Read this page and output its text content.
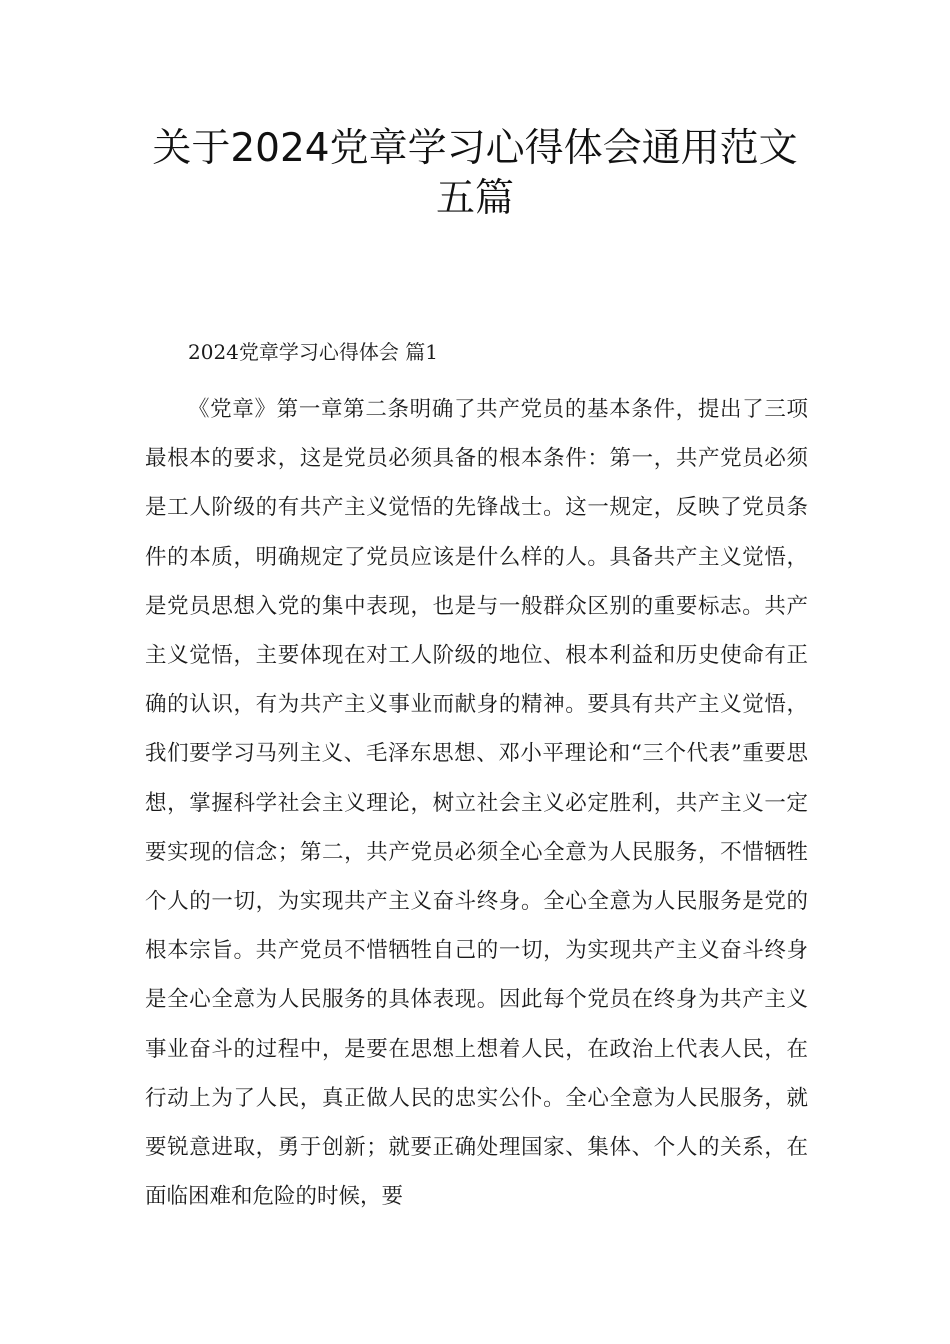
关于2024党章学习心得体会通用范文
五篇

2024党章学习心得体会 篇1

《党章》第一章第二条明确了共产党员的基本条件，提出了三项最根本的要求，这是党员必须具备的根本条件：第一，共产党员必须是工人阶级的有共产主义觉悟的先锋战士。这一规定，反映了党员条件的本质，明确规定了党员应该是什么样的人。具备共产主义觉悟，是党员思想入党的集中表现，也是与一般群众区别的重要标志。共产主义觉悟，主要体现在对工人阶级的地位、根本利益和历史使命有正确的认识，有为共产主义事业而献身的精神。要具有共产主义觉悟，我们要学习马列主义、毛泽东思想、邓小平理论和“三个代表”重要思想，掌握科学社会主义理论，树立社会主义必定胜利，共产主义一定要实现的信念；第二，共产党员必须全心全意为人民服务，不惜牺牲个人的一切，为实现共产主义奋斗终身。全心全意为人民服务是党的根本宗旨。共产党员不惜牺牲自己的一切，为实现共产主义奋斗终身是全心全意为人民服务的具体表现。因此每个党员在终身为共产主义事业奋斗的过程中，是要在思想上想着人民，在政治上代表人民，在行动上为了人民，真正做人民的忠实公仆。全心全意为人民服务，就要锐意进取，勇于创新；就要正确处理国家、集体、个人的关系，在面临困难和危险的时候，要
